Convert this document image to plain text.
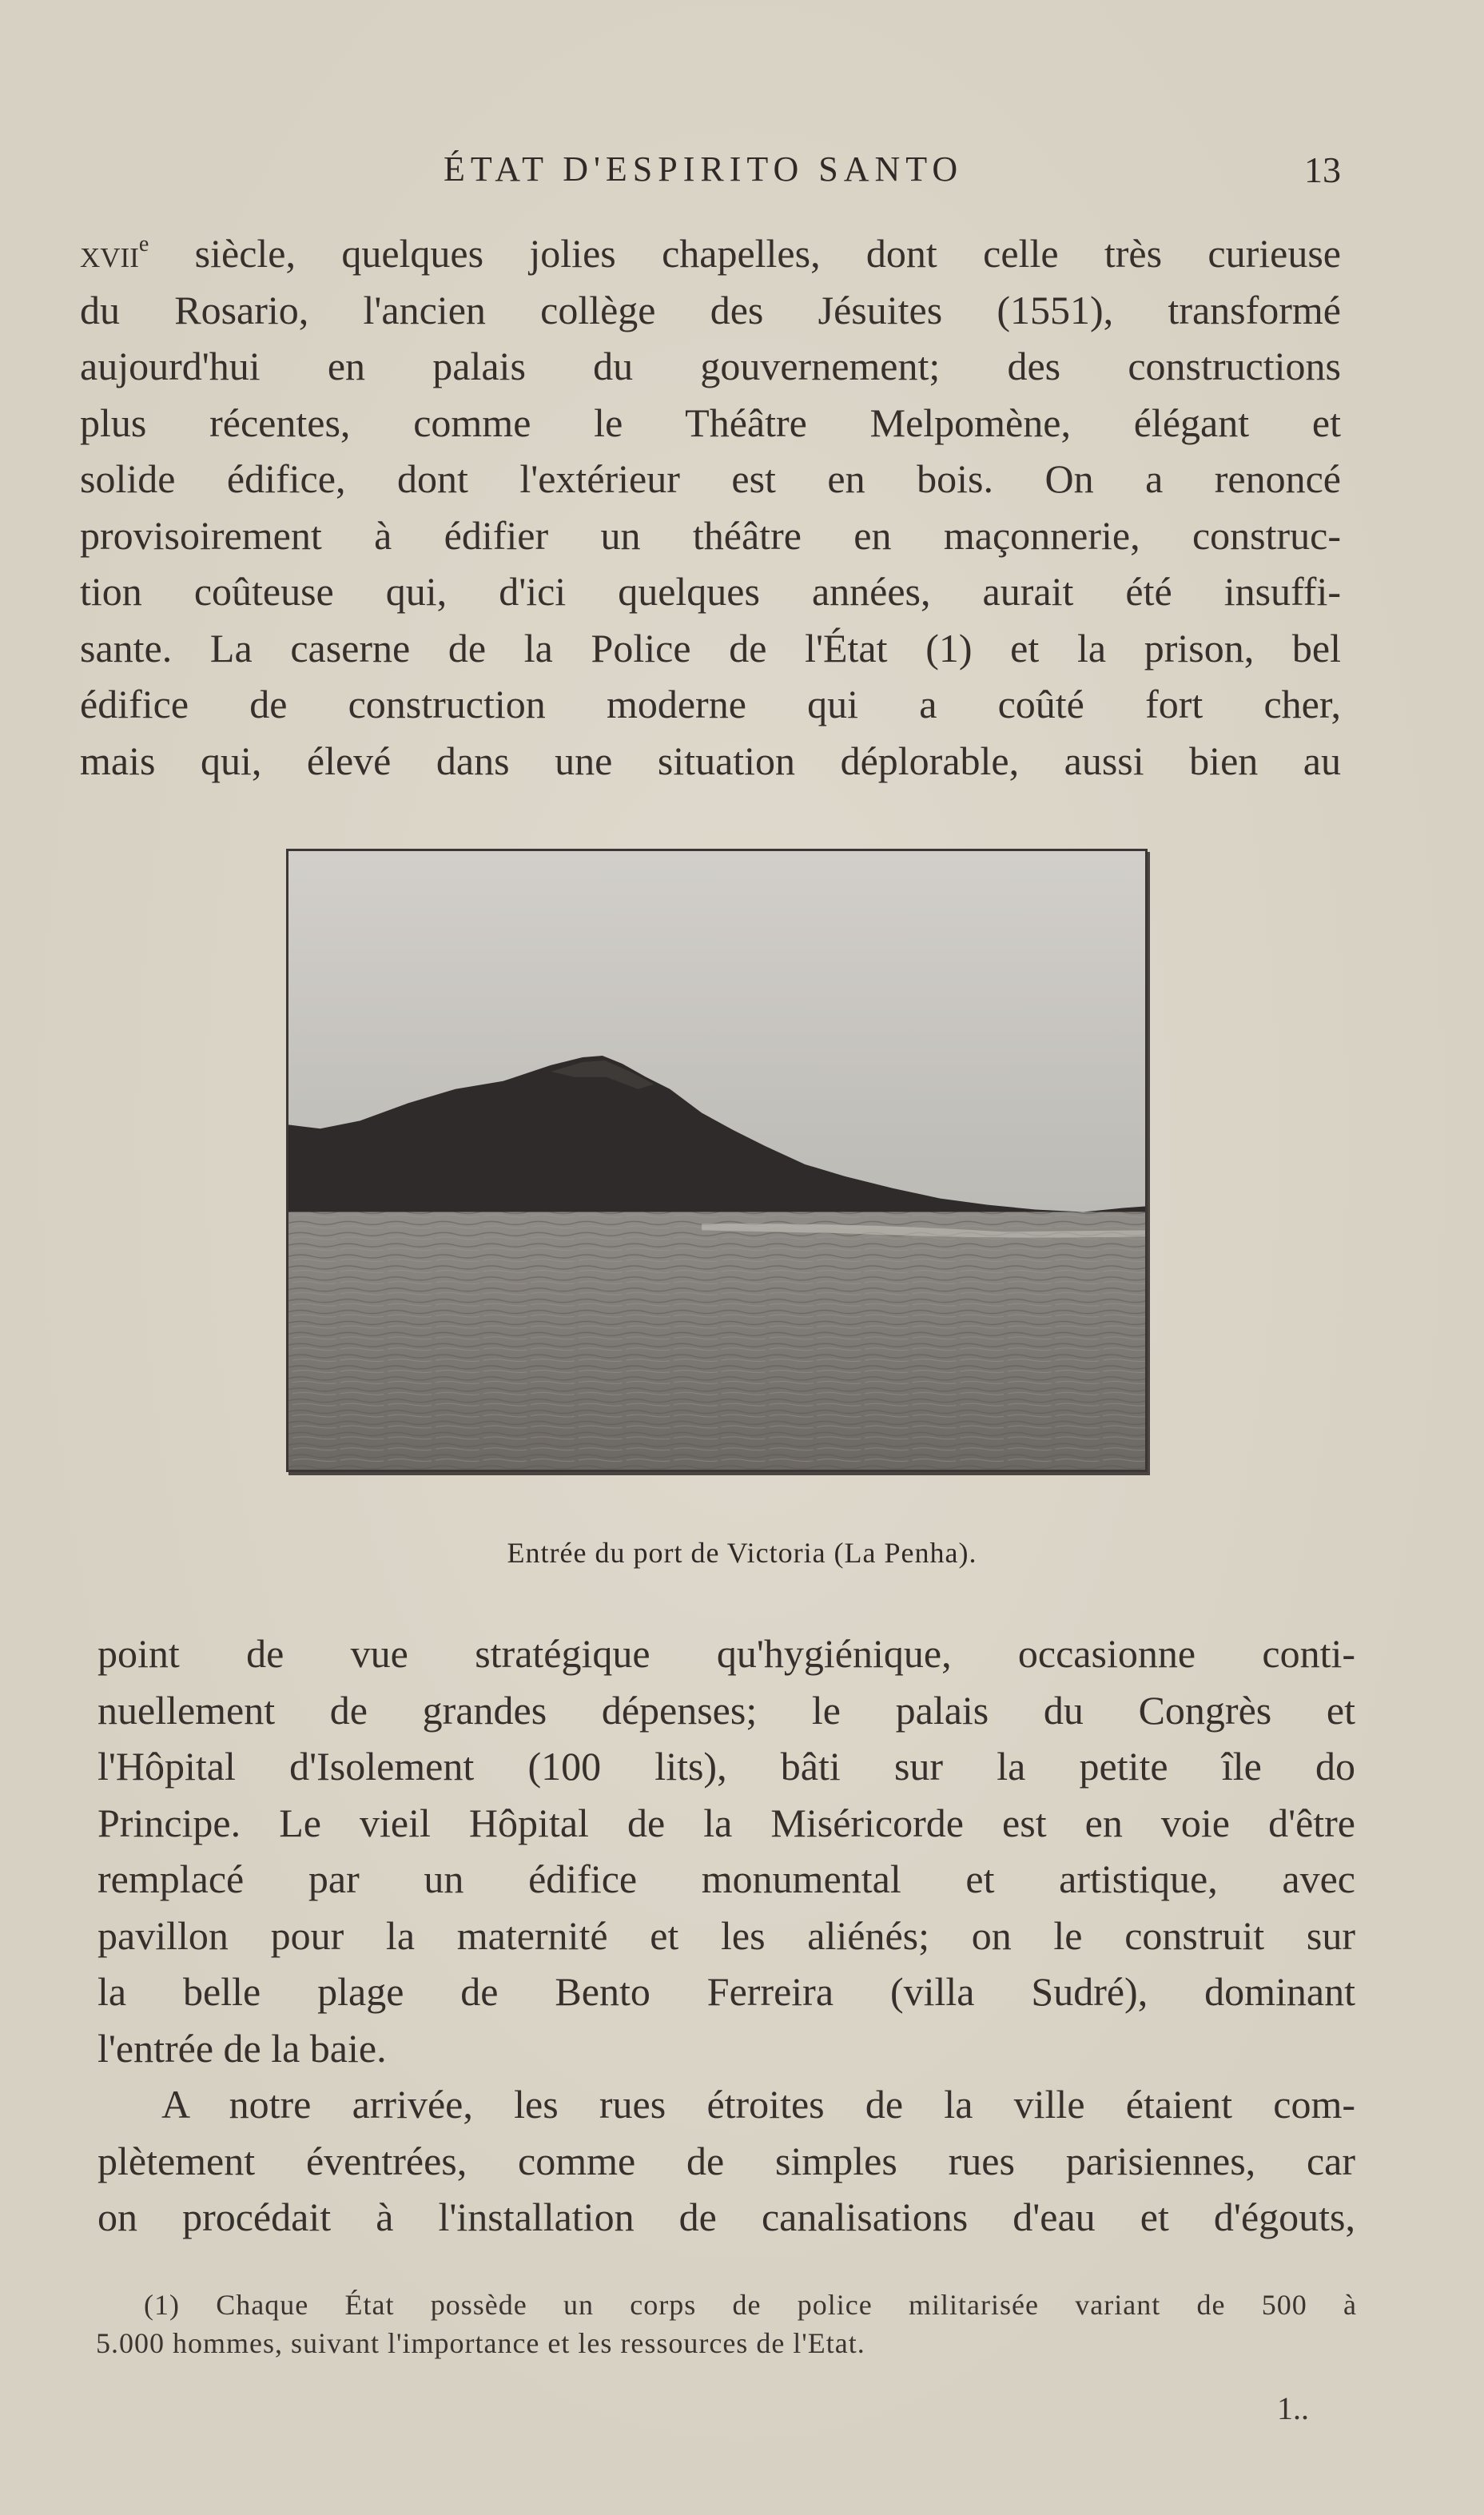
ÉTAT D'ESPIRITO SANTO	13
xvii$^e$ siècle, quelques jolies chapelles, dont celle très curieuse
du Rosario, l'ancien collège des Jésuites (1551), transformé
aujourd'hui en palais du gouvernement; des constructions
plus récentes, comme le Théâtre Melpomène, élégant et
solide édifice, dont l'extérieur est en bois. On a renoncé
provisoirement à édifier un théâtre en maçonnerie, construc-
tion coûteuse qui, d'ici quelques années, aurait été insuffi-
sante. La caserne de la Police de l'État (1) et la prison, bel
édifice de construction moderne qui a coûté fort cher,
mais qui, élevé dans une situation déplorable, aussi bien au
Entrée du port de Victoria (La Penha).
point de vue stratégique qu'hygiénique, occasionne conti-
nuellement de grandes dépenses; le palais du Congrès et
l'Hôpital d'Isolement (100 lits), bâti sur la petite île do
Principe. Le vieil Hôpital de la Miséricorde est en voie d'être
remplacé par un édifice monumental et artistique, avec
pavillon pour la maternité et les aliénés; on le construit sur
la belle plage de Bento Ferreira (villa Sudré), dominant
l'entrée de la baie.
A notre arrivée, les rues étroites de la ville étaient com-
plètement éventrées, comme de simples rues parisiennes, car
on procédait à l'installation de canalisations d'eau et d'égouts,
(1) Chaque État possède un corps de police militarisée variant de 500 à
5.000 hommes, suivant l'importance et les ressources de l'Etat.
1..
